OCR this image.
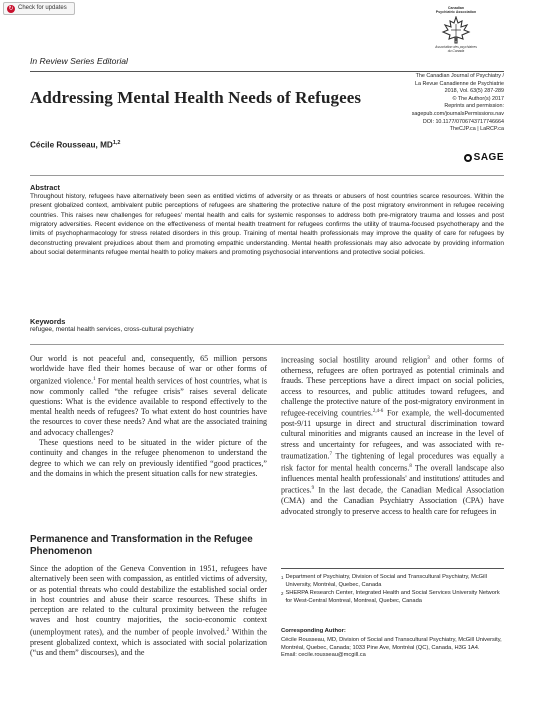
↻ Check for updates	Canadian
Psychiatric Association
Association des psychiatres
du Canada
In Review Series Editorial
Addressing Mental Health Needs of Refugees
Cécile Rousseau, MD$^{1,2}$
The Canadian Journal of Psychiatry /
La Revue Canadienne de Psychiatrie
2018, Vol. 63(5) 287-289
© The Author(s) 2017
Reprints and permission:
sagepub.com/journalsPermissions.nav
DOI: 10.1177/0706743717746664
TheCJP.ca | LaRCP.ca
SAGE
Abstract
Throughout history, refugees have alternatively been seen as entitled victims of adversity or as threats or abusers of host countries scarce resources. Within the present globalized context, ambivalent public perceptions of refugees are shattering the protective nature of the post migratory environment in refugee receiving countries. This raises new challenges for refugees' mental health and calls for systemic responses to address both pre-migratory trauma and losses and post migratory adversities. Recent evidence on the effectiveness of mental health treatment for refugees confirms the utility of trauma-focused psychotherapy and the limits of psychopharmacology for stress related disorders in this group. Training of mental health professionals may improve the quality of care for refugees by deconstructing prevalent prejudices about them and promoting empathic understanding. Mental health professionals may also advocate by providing information about social determinants refugee mental health to policy makers and promoting psychosocial interventions and protective social policies.
Keywords
refugee, mental health services, cross-cultural psychiatry

Our world is not peaceful and, consequently, 65 million persons worldwide have fled their homes because of war or other forms of organized violence.$^1$ For mental health services of host countries, what is now commonly called “the refugee crisis” raises several delicate questions: What is the evidence available to respond effectively to the mental health needs of refugees? To what extent do host countries have the resources to cover these needs? And what are the associated training and advocacy challenges?

These questions need to be situated in the wider picture of the continuity and changes in the refugee phenomenon to understand the degree to which we can rely on previously identified “good practices,” and the domains in which the present situation calls for new strategies.

Permanence and Transformation in the Refugee Phenomenon

Since the adoption of the Geneva Convention in 1951, refugees have alternatively been seen with compassion, as entitled victims of adversity, or as potential threats who could destabilize the established social order in host countries and abuse their scarce resources. These shifts in perception are related to the cultural proximity between the refugee waves and host country majorities, the socio-economic context (unemployment rates), and the number of people involved.$^2$ Within the present globalized context, which is associated with social polarization (“us and them” discourses), and the

increasing social hostility around religion$^3$ and other forms of otherness, refugees are often portrayed as potential criminals and frauds. These perceptions have a direct impact on social policies, access to resources, and public attitudes toward refugees, and challenge the protective nature of the post-migratory environment in refugee-receiving countries.$^{2,4-6}$ For example, the well-documented post-9/11 upsurge in direct and structural discrimination toward cultural minorities and migrants caused an increase in the level of stress and uncertainty for refugees, and was associated with re-traumatization.$^7$ The tightening of legal procedures was equally a risk factor for mental health concerns.$^8$ The overall landscape also influences mental health professionals' and institutions' attitudes and practices.$^9$ In the last decade, the Canadian Medical Association (CMA) and the Canadian Psychiatry Association (CPA) have advocated strongly to preserve access to health care for refugees in

1 Department of Psychiatry, Division of Social and Transcultural Psychiatry, McGill University, Montréal, Quebec, Canada
2 SHERPA Research Center, Integrated Health and Social Services University Network for West-Central Montreal, Montreal, Quebec, Canada
Corresponding Author:
Cécile Rousseau, MD, Division of Social and Transcultural Psychiatry, McGill University, Montréal, Quebec, Canada; 1033 Pine Ave, Montréal (QC), Canada, H3G 1A4.
Email: cecile.rousseau@mcgill.ca
